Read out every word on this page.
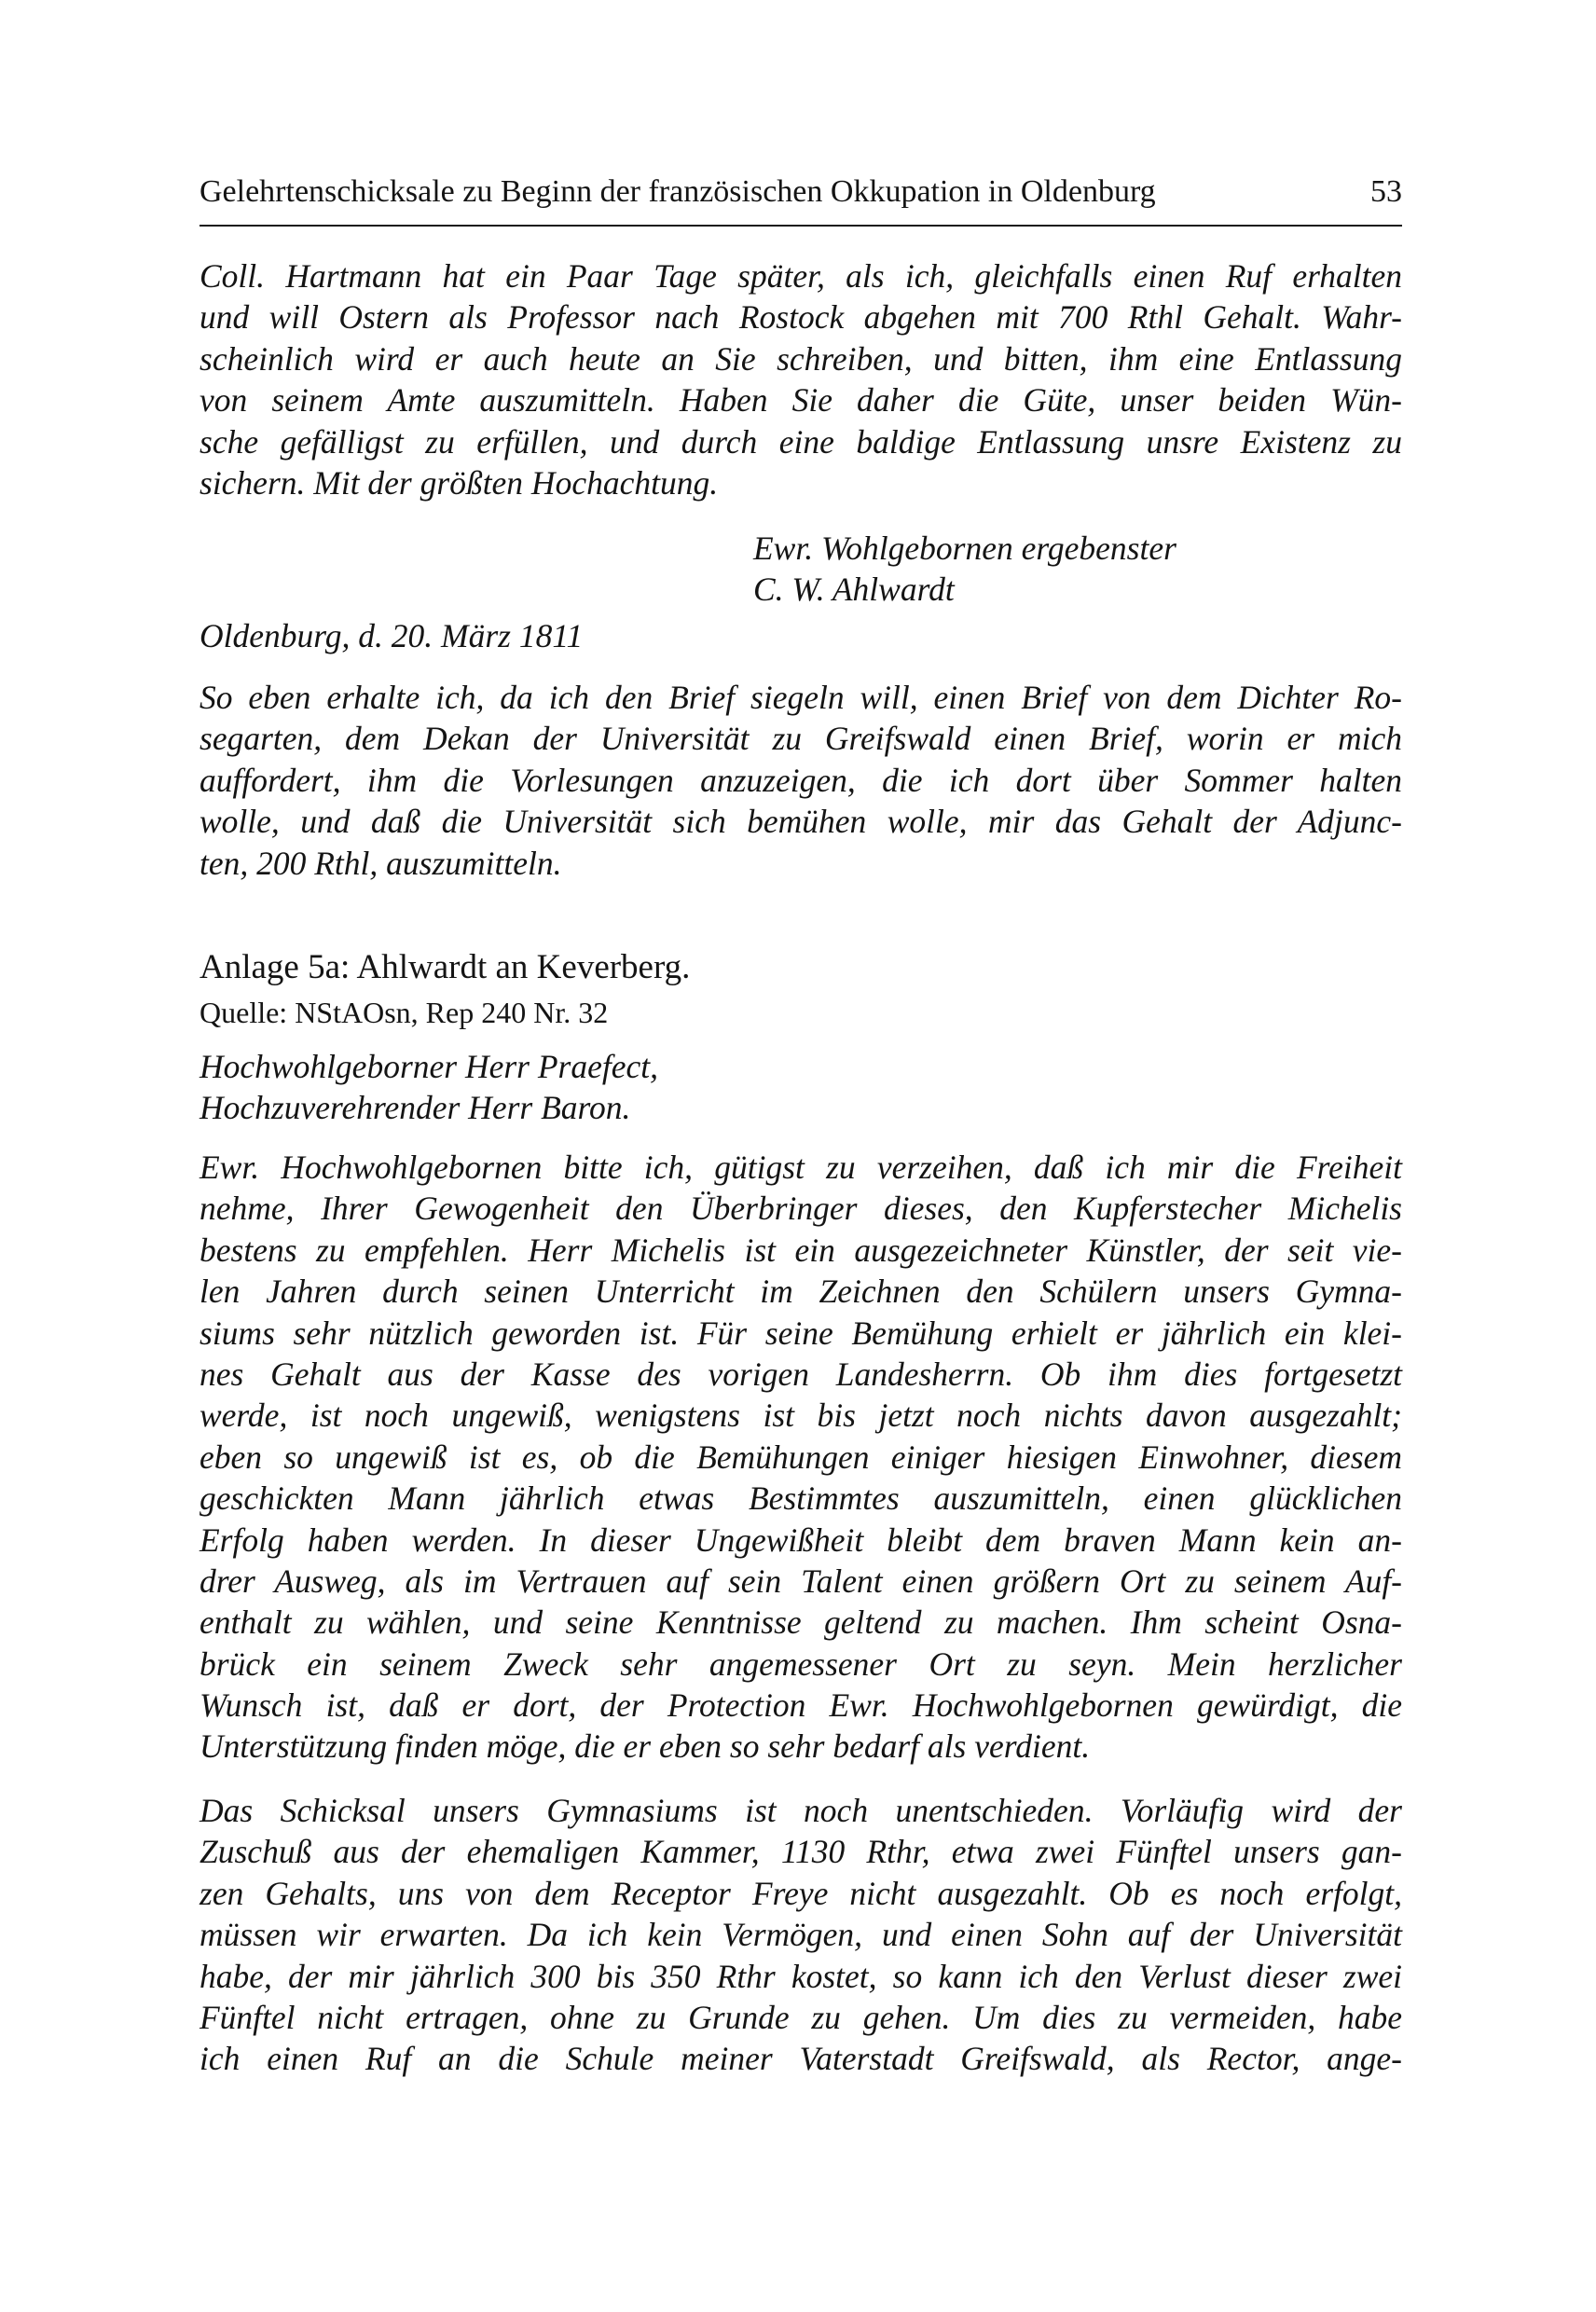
Gelehrtenschicksale zu Beginn der französischen Okkupation in Oldenburg	53
Coll. Hartmann hat ein Paar Tage später, als ich, gleichfalls einen Ruf erhalten
und will Ostern als Professor nach Rostock abgehen mit 700 Rthl Gehalt. Wahr-
scheinlich wird er auch heute an Sie schreiben, und bitten, ihm eine Entlassung
von seinem Amte auszumitteln. Haben Sie daher die Güte, unser beiden Wün-
sche gefälligst zu erfüllen, und durch eine baldige Entlassung unsre Existenz zu
sichern. Mit der größten Hochachtung.
Ewr. Wohlgebornen ergebenster
C. W. Ahlwardt
Oldenburg, d. 20. März 1811
So eben erhalte ich, da ich den Brief siegeln will, einen Brief von dem Dichter Ro-
segarten, dem Dekan der Universität zu Greifswald einen Brief, worin er mich
auffordert, ihm die Vorlesungen anzuzeigen, die ich dort über Sommer halten
wolle, und daß die Universität sich bemühen wolle, mir das Gehalt der Adjunc-
ten, 200 Rthl, auszumitteln.
Anlage 5a: Ahlwardt an Keverberg.
Quelle: NStAOsn, Rep 240 Nr. 32
Hochwohlgeborner Herr Praefect,
Hochzuverehrender Herr Baron.
Ewr. Hochwohlgebornen bitte ich, gütigst zu verzeihen, daß ich mir die Freiheit
nehme, Ihrer Gewogenheit den Überbringer dieses, den Kupferstecher Michelis
bestens zu empfehlen. Herr Michelis ist ein ausgezeichneter Künstler, der seit vie-
len Jahren durch seinen Unterricht im Zeichnen den Schülern unsers Gymna-
siums sehr nützlich geworden ist. Für seine Bemühung erhielt er jährlich ein klei-
nes Gehalt aus der Kasse des vorigen Landesherrn. Ob ihm dies fortgesetzt
werde, ist noch ungewiß, wenigstens ist bis jetzt noch nichts davon ausgezahlt;
eben so ungewiß ist es, ob die Bemühungen einiger hiesigen Einwohner, diesem
geschickten Mann jährlich etwas Bestimmtes auszumitteln, einen glücklichen
Erfolg haben werden. In dieser Ungewißheit bleibt dem braven Mann kein an-
drer Ausweg, als im Vertrauen auf sein Talent einen größern Ort zu seinem Auf-
enthalt zu wählen, und seine Kenntnisse geltend zu machen. Ihm scheint Osna-
brück ein seinem Zweck sehr angemessener Ort zu seyn. Mein herzlicher
Wunsch ist, daß er dort, der Protection Ewr. Hochwohlgebornen gewürdigt, die
Unterstützung finden möge, die er eben so sehr bedarf als verdient.
Das Schicksal unsers Gymnasiums ist noch unentschieden. Vorläufig wird der
Zuschuß aus der ehemaligen Kammer, 1130 Rthr, etwa zwei Fünftel unsers gan-
zen Gehalts, uns von dem Receptor Freye nicht ausgezahlt. Ob es noch erfolgt,
müssen wir erwarten. Da ich kein Vermögen, und einen Sohn auf der Universität
habe, der mir jährlich 300 bis 350 Rthr kostet, so kann ich den Verlust dieser zwei
Fünftel nicht ertragen, ohne zu Grunde zu gehen. Um dies zu vermeiden, habe
ich einen Ruf an die Schule meiner Vaterstadt Greifswald, als Rector, ange-
